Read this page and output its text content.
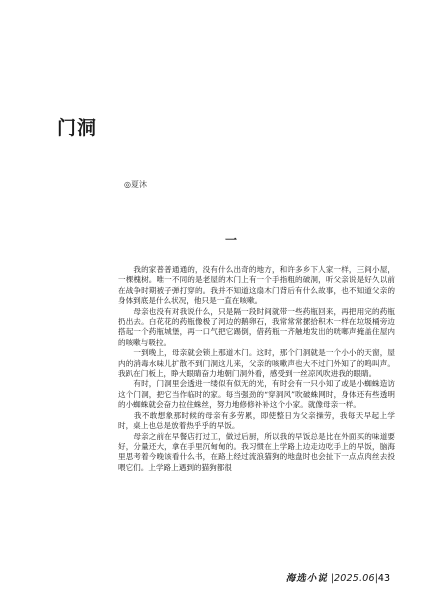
门洞
◎夏沐
一

　　我的家普普通通的，没有什么出奇的地方，和许多乡下人家一样，三间小屋，一棵槐树。唯一不同的是老屋的木门上有一个手指粗的破洞，听父亲说是好久以前在战争时期被子弹打穿的。我并不知道这扇木门背后有什么故事，也不知道父亲的身体到底是什么状况，他只是一直在咳嗽。

　　母亲也没有对我说什么，只是隔一段时间就带一些药瓶回来，再把用完的药瓶扔出去。白花花的药瓶像极了河边的鹅卵石，我常常常摞拾积木一样在垃圾桶旁边搭起一个药瓶城堡，再一口气把它踢倒，借药瓶一齐触地发出的咣啷声掩盖住屋内的咳嗽与吸拉。

　　一到晚上，母亲就会锁上那道木门。这时，那个门洞就是一个小小的天窗，屋内的消毒水味儿扩散不到门洞这儿来，父亲的咳嗽声也大不过门外知了的鸣叫声。我趴在门板上，睁大眼睛奋力地朝门洞外看，感受到一丝凉风吹进我的眼睛。

　　有时，门洞里会透进一缕似有似无的光，有时会有一只小知了或是小蜘蛛造访这个门洞，把它当作临时的家。每当强劲的“穿洞风”吹破蛛网时，身体还有些透明的小蜘蛛就会奋力拉住蛛丝，努力地修修补补这个小家。就像母亲一样。

　　我不敢想象那时候的母亲有多劳累，即使整日为父亲操劳，我每天早起上学时，桌上也总是放着热乎乎的早饭。

　　母亲之前在早餐店打过工，做过后厨，所以我的早饭总是比在外面买的味道要好，分量还大，拿在手里沉甸甸的。我习惯在上学路上边走边吃手上的早饭，脑海里思考着今晚该看什么书，在路上经过流浪猫狗的地盘时也会扯下一点点肉丝去投喂它们。上学路上遇到的猫狗都很

海选小说 |2025.06|43
